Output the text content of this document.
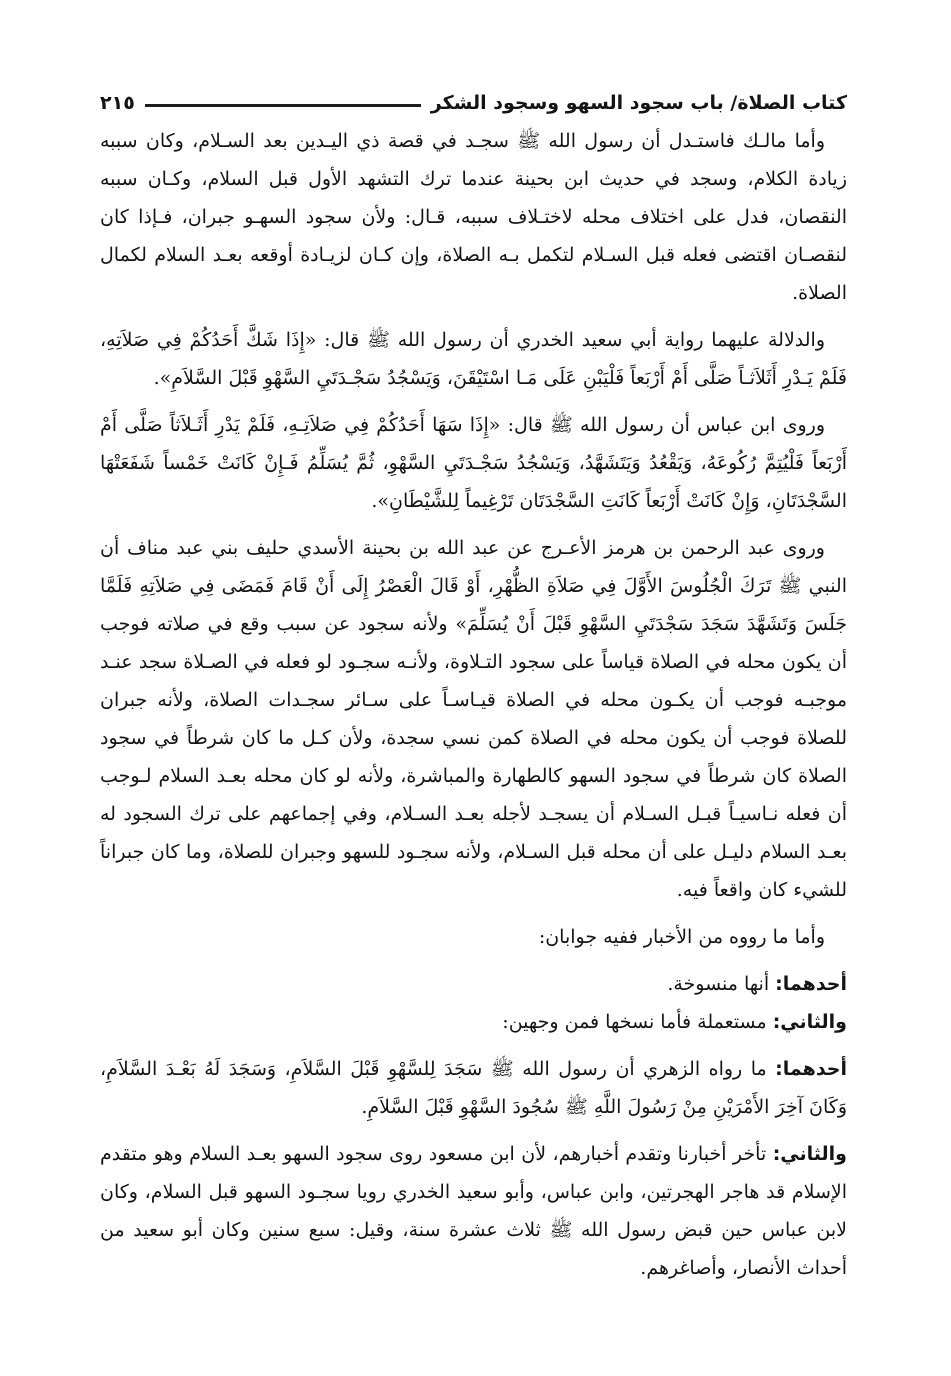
كتاب الصلاة/ باب سجود السهو وسجود الشكر
٢١٥

وأما مالـك فاستـدل أن رسول الله ﷺ سجـد في قصة ذي اليـدين بعد السـلام، وكان سببه زيادة الكلام، وسجد في حديث ابن بحينة عندما ترك التشهد الأول قبل السلام، وكـان سببه النقصان، فدل على اختلاف محله لاختـلاف سببه، قـال: ولأن سجود السهـو جبران، فـإذا كان لنقصـان اقتضى فعله قبل السـلام لتكمل بـه الصلاة، وإن كـان لزيـادة أوقعه بعـد السلام لكمال الصلاة.

والدلالة عليهما رواية أبي سعيد الخدري أن رسول الله ﷺ قال: «إِذَا شَكَّ أَحَدُكُمْ فِي صَلاَتِهِ، فَلَمْ يَـدْرِ أَثَلاَثـاً صَلَّى أَمْ أَرْبَعاً فَلْيَبْنِ عَلَى مَـا اسْتَيْقَنَ، وَيَسْجُدُ سَجْـدَتَيِ السَّهْوِ قَبْلَ السَّلاَمِ».

وروى ابن عباس أن رسول الله ﷺ قال: «إِذَا سَهَا أَحَدُكُمْ فِي صَلاَتِـهِ، فَلَمْ يَدْرِ أَثَـلاَثاً صَلَّى أَمْ أَرْبَعاً فَلْيُتِمَّ رُكُوعَهُ، وَيَقْعُدُ وَيَتَشَهَّدُ، وَيَسْجُدُ سَجْـدَتَيِ السَّهْوِ، ثُمَّ يُسَلِّمُ فَـإِنْ كَانَتْ خَمْساً شَفَعَتْهَا السَّجْدَتَانِ، وَإِنْ كَانَتْ أَرْبَعاً كَانَتِ السَّجْدَتَان تَرْغِيماً لِلشَّيْطَانِ».

وروى عبد الرحمن بن هرمز الأعـرج عن عبد الله بن بحينة الأسدي حليف بني عبد مناف أن النبي ﷺ تَرَكَ الْجُلُوسَ الأَوَّلَ فِي صَلاَةِ الظُّهْرِ، أَوْ قَالَ الْعَصْرُ إِلَى أَنْ قَامَ فَمَضَى فِي صَلاَتِهِ فَلَمَّا جَلَسَ وَتَشَهَّدَ سَجَدَ سَجْدَتَيِ السَّهْوِ قَبْلَ أَنْ يُسَلِّمَ» ولأنه سجود عن سبب وقع في صلاته فوجب أن يكون محله في الصلاة قياساً على سجود التـلاوة، ولأنـه سجـود لو فعله في الصـلاة سجد عنـد موجبـه فوجب أن يكـون محله في الصلاة قيـاسـاً على سـائر سجـدات الصلاة، ولأنه جبران للصلاة فوجب أن يكون محله في الصلاة كمن نسي سجدة، ولأن كـل ما كان شرطاً في سجود الصلاة كان شرطاً في سجود السهو كالطهارة والمباشرة، ولأنه لو كان محله بعـد السلام لـوجب أن فعله نـاسيـاً قبـل السـلام أن يسجـد لأجله بعـد السـلام، وفي إجماعهم على ترك السجود له بعـد السلام دليـل على أن محله قبل السـلام، ولأنه سجـود للسهو وجبران للصلاة، وما كان جبراناً للشيء كان واقعاً فيه.

وأما ما رووه من الأخبار ففيه جوابان:

أحدهما: أنها منسوخة.

والثاني: مستعملة فأما نسخها فمن وجهين:

أحدهما: ما رواه الزهري أن رسول الله ﷺ سَجَدَ لِلسَّهْوِ قَبْلَ السَّلاَمِ، وَسَجَدَ لَهُ بَعْـدَ السَّلاَمِ، وَكَانَ آخِرَ الأَمْرَيْنِ مِنْ رَسُولَ اللَّهِ ﷺ سُجُودَ السَّهْوِ قَبْلَ السَّلاَمِ.

والثاني: تأخر أخبارنا وتقدم أخبارهم، لأن ابن مسعود روى سجود السهو بعـد السلام وهو متقدم الإسلام قد هاجر الهجرتين، وابن عباس، وأبو سعيد الخدري رويا سجـود السهو قبل السلام، وكان لابن عباس حين قبض رسول الله ﷺ ثلاث عشرة سنة، وقيل: سبع سنين وكان أبو سعيد من أحداث الأنصار، وأصاغرهم.
